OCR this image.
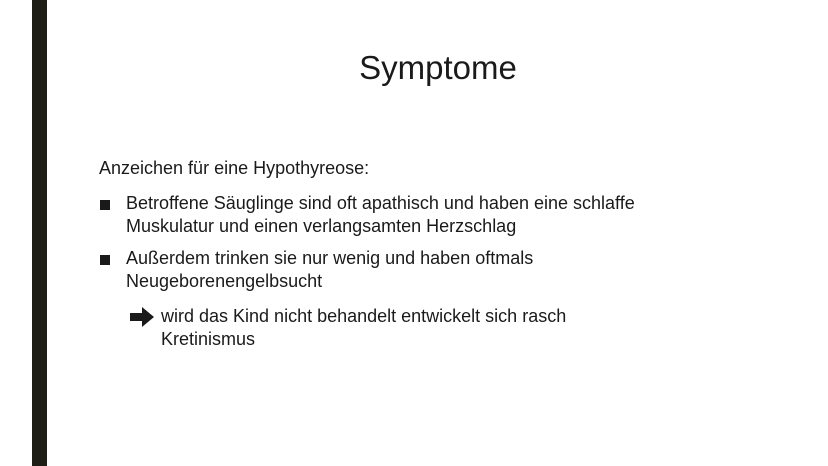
Symptome
Anzeichen für eine Hypothyreose:
Betroffene Säuglinge sind oft apathisch und haben eine schlaffe
Muskulatur und einen verlangsamten Herzschlag
Außerdem trinken sie nur wenig und haben oftmals
Neugeborenengelbsucht
wird das Kind nicht behandelt entwickelt sich rasch
Kretinismus
